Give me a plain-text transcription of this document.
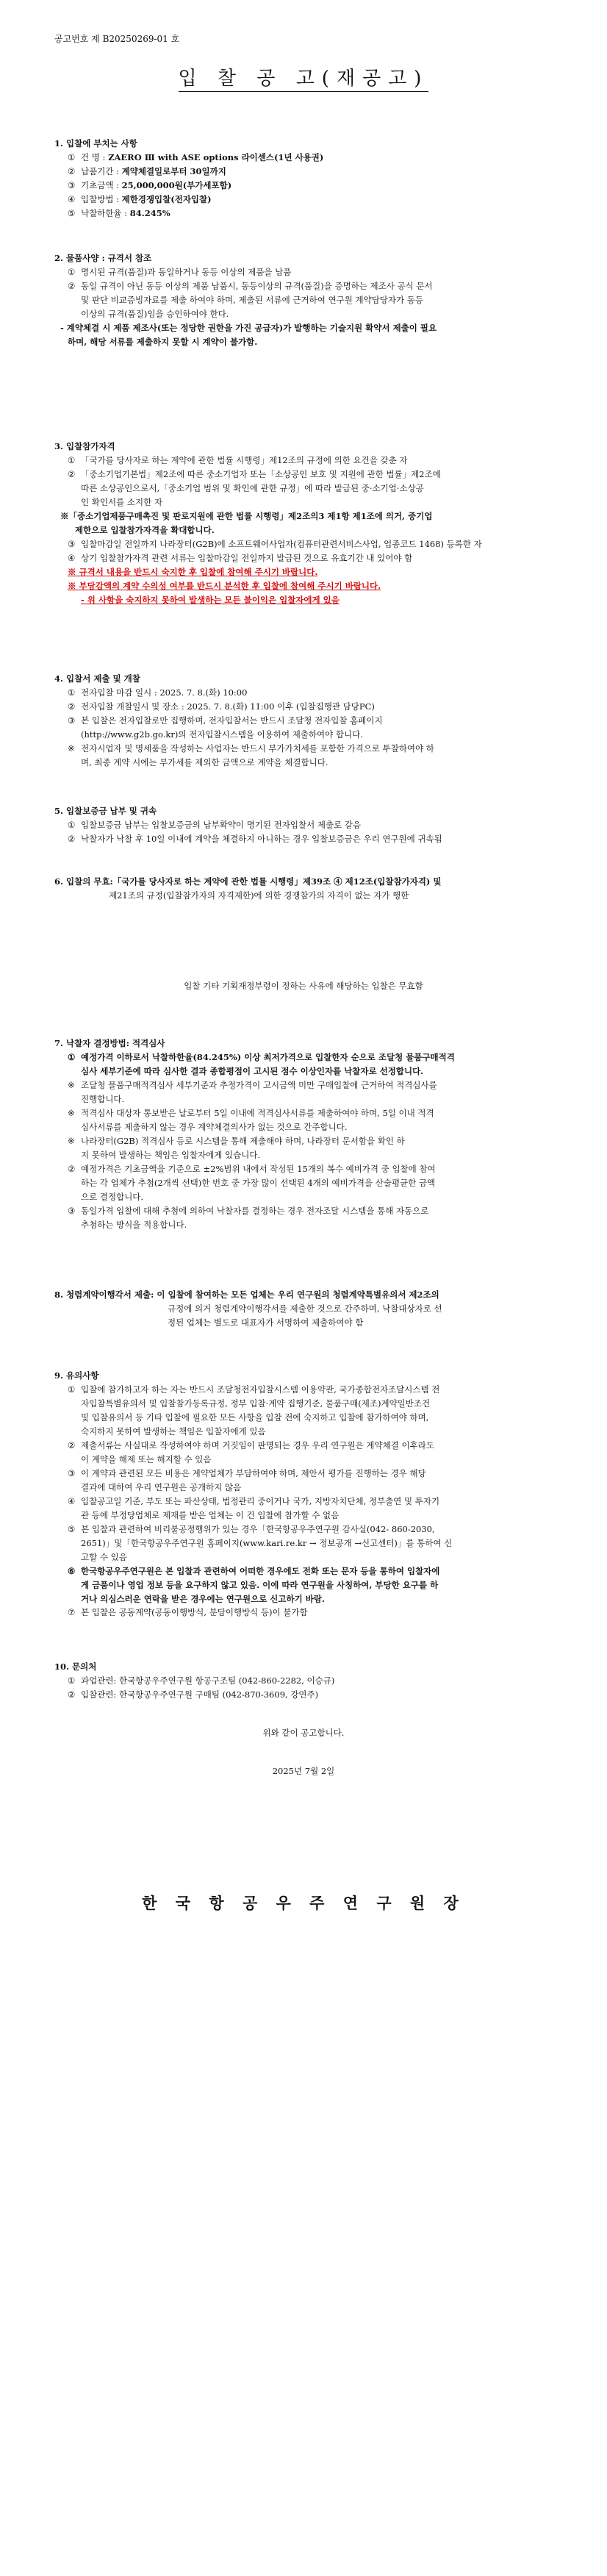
공고번호 제 B20250269-01 호
입 찰 공 고(재공고)

1. 입찰에 부치는 사항

① 건 명 : ZAERO Ⅲ with ASE options 라이센스(1년 사용권)
② 납품기간 : 계약체결일로부터 30일까지
③ 기초금액 : 25,000,000원(부가세포함)
④ 입찰방법 : 제한경쟁입찰(전자입찰)
⑤ 낙찰하한율 : 84.245%

2. 물품사양 : 규격서 참조

① 명시된 규격(품질)과 동일하거나 동등 이상의 제품을 납품
② 동일 규격이 아닌 동등 이상의 제품 납품시, 동등이상의 규격(품질)을 증명하는 제조사 공식 문서
및 판단 비교증빙자료를 제출 하여야 하며, 제출된 서류에 근거하여 연구원 계약담당자가 동등
이상의 규격(품질)임을 승인하여야 한다.
- 계약체결 시 제품 제조사(또는 정당한 권한을 가진 공급자)가 발행하는 기술지원 확약서 제출이 필요
하며, 해당 서류를 제출하지 못할 시 계약이 불가함.

3. 입찰참가자격

① 「국가를 당사자로 하는 계약에 관한 법률 시행령」제12조의 규정에 의한 요건을 갖춘 자
② 「중소기업기본법」제2조에 따른 중소기업자 또는「소상공인 보호 및 지원에 관한 법률」제2조에
따른 소상공인으로서,「중소기업 범위 및 확인에 관한 규정」에 따라 발급된 중·소기업·소상공
인 확인서를 소지한 자
※「중소기업제품구매촉진 및 판로지원에 관한 법률 시행령」제2조의3 제1항 제1조에 의거, 중기업
제한으로 입찰참가자격을 확대합니다.
③ 입찰마감일 전일까지 나라장터(G2B)에 소프트웨어사업자(컴퓨터관련서비스사업, 업종코드 1468) 등록한 자
④ 상기 입찰참가자격 관련 서류는 입찰마감일 전일까지 발급된 것으로 유효기간 내 있어야 함
※ 규격서 내용을 반드시 숙지한 후 입찰에 참여해 주시기 바랍니다.
※ 부당감액의 계약 수의성 여부를 반드시 분석한 후 입찰에 참여해 주시기 바랍니다.
- 위 사항을 숙지하지 못하여 발생하는 모든 불이익은 입찰자에게 있음

4. 입찰서 제출 및 개찰

① 전자입찰 마감 일시 : 2025. 7. 8.(화) 10:00
② 전자입찰 개찰일시 및 장소 : 2025. 7. 8.(화) 11:00 이후 (입찰집행관 담당PC)
③ 본 입찰은 전자입찰로만 집행하며, 전자입찰서는 반드시 조달청 전자입찰 홈페이지
(http://www.g2b.go.kr)의 전자입찰시스템을 이용하여 제출하여야 합니다.
※ 전자시업자 및 명세품을 작성하는 사업자는 반드시 부가가치세를 포함한 가격으로 투찰하여야 하
며, 최종 계약 시에는 부가세를 제외한 금액으로 계약을 체결합니다.

5. 입찰보증금 납부 및 귀속

① 입찰보증금 납부는 입찰보증금의 납부확약이 명기된 전자입찰서 제출로 갈음
② 낙찰자가 낙찰 후 10일 이내에 계약을 체결하지 아니하는 경우 입찰보증금은 우리 연구원에 귀속됨
6. 입찰의 무효:「국가를 당사자로 하는 계약에 관한 법률 시행령」제39조 ④ 제12조(입찰참가자격) 및
제21조의 규정(입찰참가자의 자격제한)에 의한 경쟁참가의 자격이 없는 자가 행한
입찰 기타 기획재정부령이 정하는 사유에 해당하는 입찰은 무효함

7. 낙찰자 결정방법: 적격심사

① 예정가격 이하로서 낙찰하한율(84.245%) 이상 최저가격으로 입찰한자 순으로 조달청 물품구매적격
심사 세부기준에 따라 심사한 결과 종합평점이 고시된 점수 이상인자를 낙찰자로 선정합니다.
※ 조달청 물품구매적격심사 세부기준과 추정가격이 고시금액 미만 구매입찰에 근거하여 적격심사를
진행합니다.
※ 적격심사 대상자 통보받은 날로부터 5일 이내에 적격심사서류를 제출하여야 하며, 5일 이내 적격
심사서류를 제출하지 않는 경우 계약체결의사가 없는 것으로 간주합니다.
※ 나라장터(G2B) 적격심사 등로 시스템을 통해 제출해야 하며, 나라장터 문서함을 확인 하
지 못하여 발생하는 책임은 입찰자에게 있습니다.
② 예정가격은 기초금액을 기준으로 ±2%범위 내에서 작성된 15개의 복수 예비가격 중 입찰에 참여
하는 각 업체가 추첨(2개씩 선택)한 번호 중 가장 많이 선택된 4개의 예비가격을 산술평균한 금액
으로 결정합니다.
③ 동일가격 입찰에 대해 추첨에 의하여 낙찰자를 결정하는 경우 전자조달 시스템을 통해 자동으로
추첨하는 방식을 적용합니다.
8. 청렴계약이행각서 제출: 이 입찰에 참여하는 모든 업체는 우리 연구원의 청렴계약특별유의서 제2조의
규정에 의거 청렴계약이행각서를 제출한 것으로 간주하며, 낙찰대상자로 선
정된 업체는 별도로 대표자가 서명하여 제출하여야 함

9. 유의사항

① 입찰에 참가하고자 하는 자는 반드시 조달청전자입찰시스템 이용약관, 국가종합전자조달시스템 전
자입찰특별유의서 및 입찰참가등록규정, 정부 입찰·계약 집행기준, 물품구매(제조)계약일반조건
및 입찰유의서 등 기타 입찰에 필요한 모든 사항을 입찰 전에 숙지하고 입찰에 참가하여야 하며,
숙지하지 못하여 발생하는 책임은 입찰자에게 있음
② 제출서류는 사실대로 작성하여야 하며 거짓임이 판명되는 경우 우리 연구원은 계약체결 이후라도
이 계약을 해제 또는 해지할 수 있음
③ 이 계약과 관련된 모든 비용은 계약업체가 부담하여야 하며, 제안서 평가를 진행하는 경우 해당
결과에 대하여 우리 연구원은 공개하지 않음
④ 입찰공고일 기준, 부도 또는 파산상태, 법정관리 중이거나 국가, 지방자치단체, 정부출연 및 투자기
관 등에 부정당업체로 제재를 받은 업체는 이 건 입찰에 참가할 수 없음
⑤ 본 입찰과 관련하여 비리불공정행위가 있는 경우「한국항공우주연구원 감사실(042- 860-2030,
2651)」및「한국항공우주연구원 홈페이지(www.kari.re.kr → 정보공개 →신고센터)」를 통하여 신
고할 수 있음
⑥ 한국항공우주연구원은 본 입찰과 관련하여 어떠한 경우에도 전화 또는 문자 등을 통하여 입찰자에
게 금품이나 영업 정보 등을 요구하지 않고 있음. 이에 따라 연구원을 사칭하여, 부당한 요구를 하
거나 의심스러운 연락을 받은 경우에는 연구원으로 신고하기 바람.
⑦ 본 입찰은 공동계약(공동이행방식, 분담이행방식 등)이 불가함

10. 문의처

① 과업관련: 한국항공우주연구원 항공구조팀 (042-860-2282, 이승규)
② 입찰관련: 한국항공우주연구원 구매팀 (042-870-3609, 강연주)
위와 같이 공고합니다.
2025년 7월 2일
한 국 항 공 우 주 연 구 원 장
